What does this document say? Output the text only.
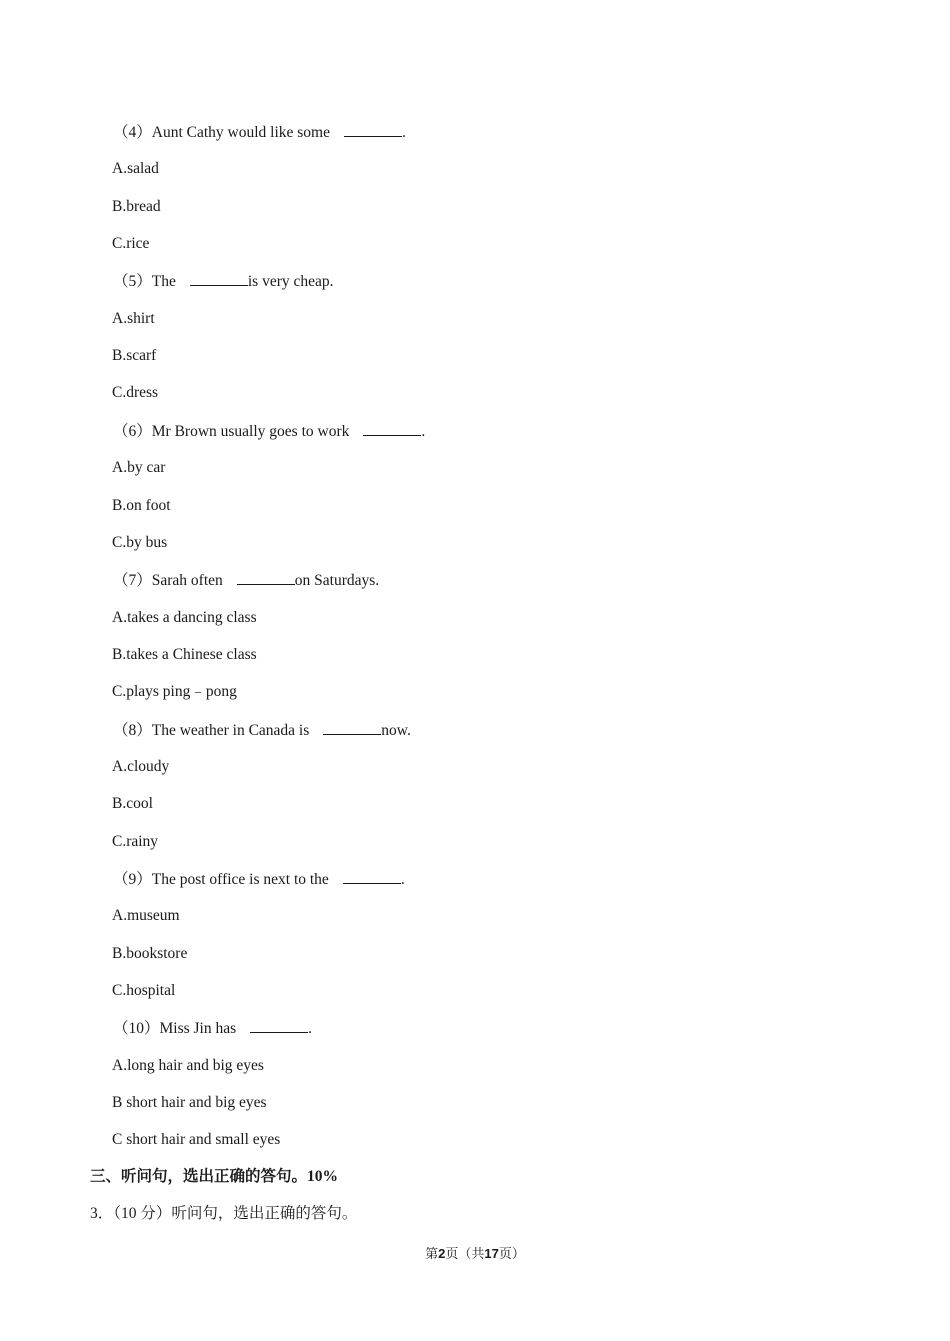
（4）Aunt Cathy would like some	.
A.salad
B.bread
C.rice
（5）The	is very cheap.
A.shirt
B.scarf
C.dress
（6）Mr Brown usually goes to work	.
A.by car
B.on foot
C.by bus
（7）Sarah often	on Saturdays.
A.takes a dancing class
B.takes a Chinese class
C.plays ping﹣pong
（8）The weather in Canada is	now.
A.cloudy
B.cool
C.rainy
（9）The post office is next to the	.
A.museum
B.bookstore
C.hospital
（10）Miss Jin has	.
A.long hair and big eyes
B short hair and big eyes
C short hair and small eyes
三、听问句，选出正确的答句。10%
3．（10 分）听问句，选出正确的答句。
第2页（共17页）
